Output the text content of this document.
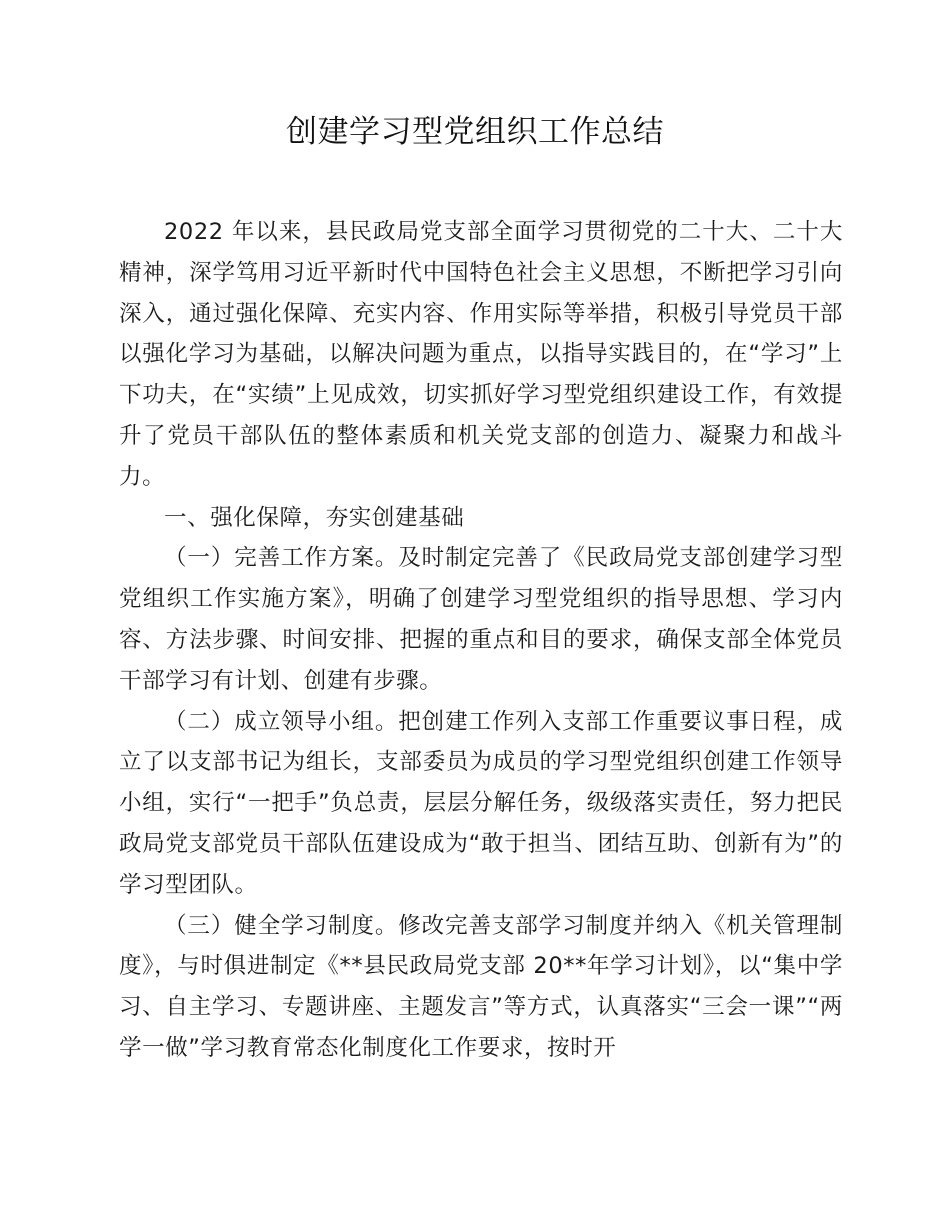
创建学习型党组织工作总结

2022 年以来，县民政局党支部全面学习贯彻党的二十大、二十大精神，深学笃用习近平新时代中国特色社会主义思想，不断把学习引向深入，通过强化保障、充实内容、作用实际等举措，积极引导党员干部以强化学习为基础，以解决问题为重点，以指导实践目的，在“学习”上下功夫，在“实绩”上见成效，切实抓好学习型党组织建设工作，有效提升了党员干部队伍的整体素质和机关党支部的创造力、凝聚力和战斗力。

一、强化保障，夯实创建基础

（一）完善工作方案。及时制定完善了《民政局党支部创建学习型党组织工作实施方案》，明确了创建学习型党组织的指导思想、学习内容、方法步骤、时间安排、把握的重点和目的要求，确保支部全体党员干部学习有计划、创建有步骤。

（二）成立领导小组。把创建工作列入支部工作重要议事日程，成立了以支部书记为组长，支部委员为成员的学习型党组织创建工作领导小组，实行“一把手”负总责，层层分解任务，级级落实责任，努力把民政局党支部党员干部队伍建设成为“敢于担当、团结互助、创新有为”的学习型团队。

（三）健全学习制度。修改完善支部学习制度并纳入《机关管理制度》，与时俱进制定《**县民政局党支部 20**年学习计划》，以“集中学习、自主学习、专题讲座、主题发言”等方式，认真落实“三会一课”“两学一做”学习教育常态化制度化工作要求，按时开
